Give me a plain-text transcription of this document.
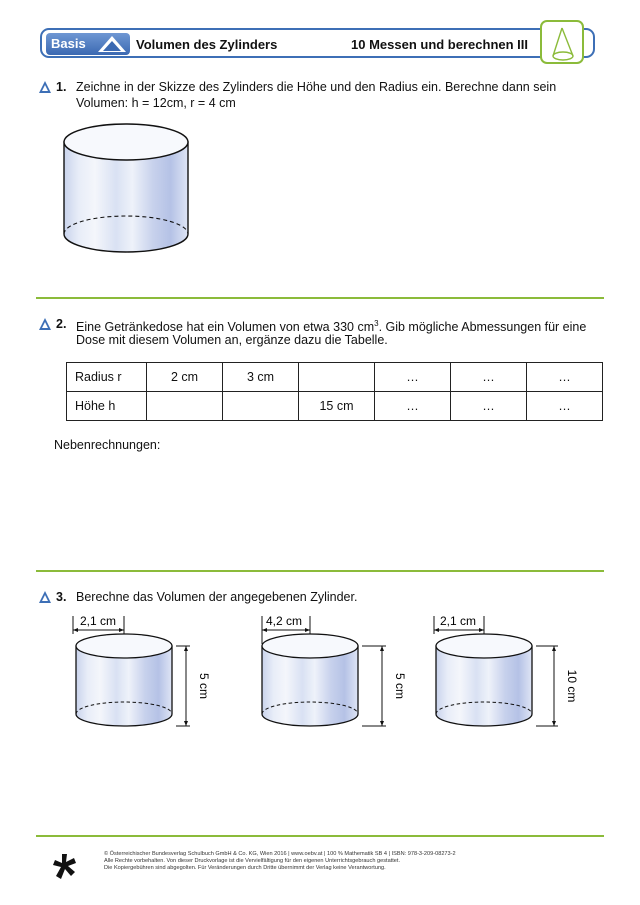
Basis	Volumen des Zylinders	10 Messen und berechnen III
1. Zeichne in der Skizze des Zylinders die Höhe und den Radius ein. Berechne dann sein
Volumen: h = 12cm, r = 4 cm
2. Eine Getränkedose hat ein Volumen von etwa 330 $cm^3$. Gib mögliche Abmessungen für eine
Dose mit diesem Volumen an, ergänze dazu die Tabelle.
Radius r	2 cm	3 cm		…	…	…
Höhe h			15 cm	…	…	…
Nebenrechnungen:
3. Berechne das Volumen der angegebenen Zylinder.
2,1 cm
5 cm
4,2 cm
5 cm
2,1 cm
10 cm
© Österreichischer Bundesverlag Schulbuch GmbH & Co. KG, Wien 2016 | www.oebv.at | 100 % Mathematik SB 4 | ISBN: 978-3-209-08273-2
Alle Rechte vorbehalten. Von dieser Druckvorlage ist die Vervielfältigung für den eigenen Unterrichtsgebrauch gestattet.
Die Kopiergebühren sind abgegolten. Für Veränderungen durch Dritte übernimmt der Verlag keine Verantwortung.
